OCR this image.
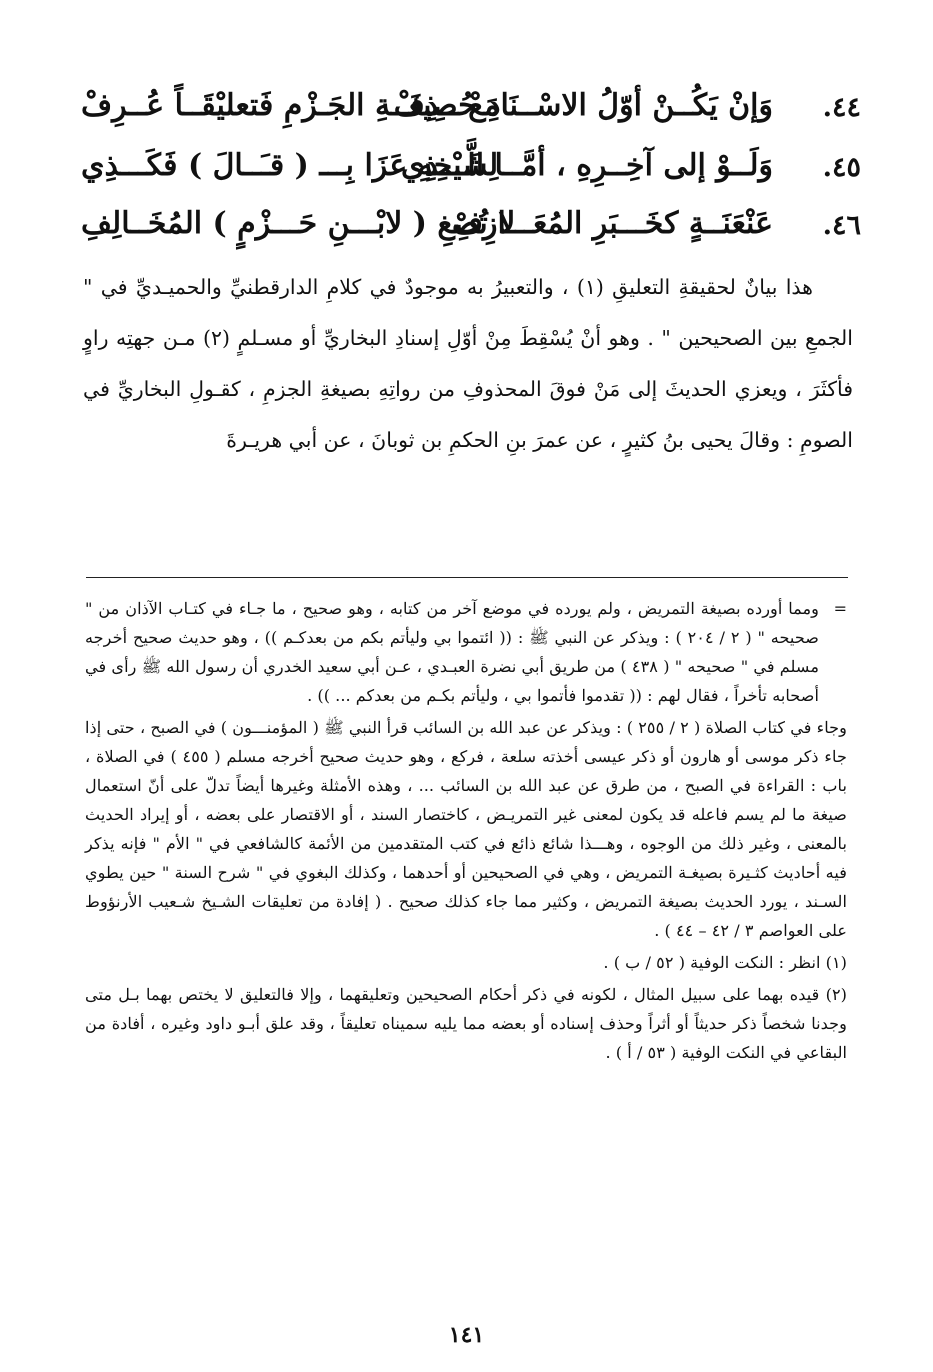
٤٤.
وَإنْ يَكُــنْ أوّلُ الاسْــنَادِ حُــذِفْ
مَعْ صِيغَــةِ الجَـزْمِ فَتعليْقَــاً عُــرِفْ
٤٥.
وَلَــوْ إلى آخِــرِهِ ، أمَّــا الَّـــذِي
لِشَيْخِهِ عَزَا بِـــ ( قـَــالَ ) فَكَـــذِي
٤٦.
عَنْعَنَــةٍ كخَـــبَرِ المُعَـــازِفِ
لا تُصْغِ ( لابْـــنِ حَـــزْمٍ ) المُخَــالِفِ

هذا بيانٌ لحقيقةِ التعليقِ (١) ، والتعبيرُ به موجودٌ في كلامِ الدارقطنيِّ والحميـديِّ في " الجمعِ بين الصحيحين " . وهو أنْ يُسْقِطَ مِنْ أوّلِ إسنادِ البخاريِّ أو مسـلمٍ (٢) مـن جهتِه راوٍ فأكثَرَ ، ويعزي الحديثَ إلى مَنْ فوقَ المحذوفِ من رواتِهِ بصيغةِ الجزمِ ، كقـولِ البخاريِّ في الصومِ : وقالَ يحيى بنُ كثيرٍ ، عن عمرَ بنِ الحكمِ بن ثوبانَ ، عن أبي هريـرةَ

=

ومما أورده بصيغة التمريض ، ولم يورده في موضع آخر من كتابه ، وهو صحيح ، ما جـاء في كتـاب الآذان من " صحيحه " ( ٢ / ٢٠٤ ) : ويذكر عن النبي ﷺ : (( ائتموا بي وليأتم بكم من بعدكـم )) ، وهو حديث صحيح أخرجه مسلم في " صحيحه " ( ٤٣٨ ) من طريق أبي نضرة العبـدي ، عـن أبي سعيد الخدري أن رسول الله ﷺ رأى في أصحابه تأخراً ، فقال لهم : (( تقدموا فأتموا بي ، وليأتم بكـم من بعدكم ... )) .

وجاء في كتاب الصلاة ( ٢ / ٢٥٥ ) : ويذكر عن عبد الله بن السائب قرأ النبي ﷺ ( المؤمنـــون ) في الصبح ، حتى إذا جاء ذكر موسى أو هارون أو ذكر عيسى أخذته سلعة ، فركع ، وهو حديث صحيح أخرجه مسلم ( ٤٥٥ ) في الصلاة ، باب : القراءة في الصبح ، من طرق عن عبد الله بن السائب ... ، وهذه الأمثلة وغيرها أيضاً تدلّ على أنّ استعمال صيغة ما لم يسم فاعله قد يكون لمعنى غير التمريـض ، كاختصار السند ، أو الاقتصار على بعضه ، أو إيراد الحديث بالمعنى ، وغير ذلك من الوجوه ، وهـــذا شائع ذائع في كتب المتقدمين من الأئمة كالشافعي في " الأم " فإنه يذكر فيه أحاديث كثـيرة بصيغـة التمريض ، وهي في الصحيحين أو أحدهما ، وكذلك البغوي في " شرح السنة " حين يطوي السـند ، يورد الحديث بصيغة التمريض ، وكثير مما جاء كذلك صحيح . ( إفادة من تعليقات الشـيخ شـعيب الأرنؤوط على العواصم ٣ / ٤٢ – ٤٤ ) .

(١) انظر : النكت الوفية ( ٥٢ / ب ) .

(٢) قيده بهما على سبيل المثال ، لكونه في ذكر أحكام الصحيحين وتعليقهما ، وإلا فالتعليق لا يختص بهما بـل متى وجدنا شخصاً ذكر حديثاً أو أثراً وحذف إسناده أو بعضه مما يليه سميناه تعليقاً ، وقد علق أبـو داود وغيره ، أفادة من البقاعي في النكت الوفية ( ٥٣ / أ ) .

١٤١
